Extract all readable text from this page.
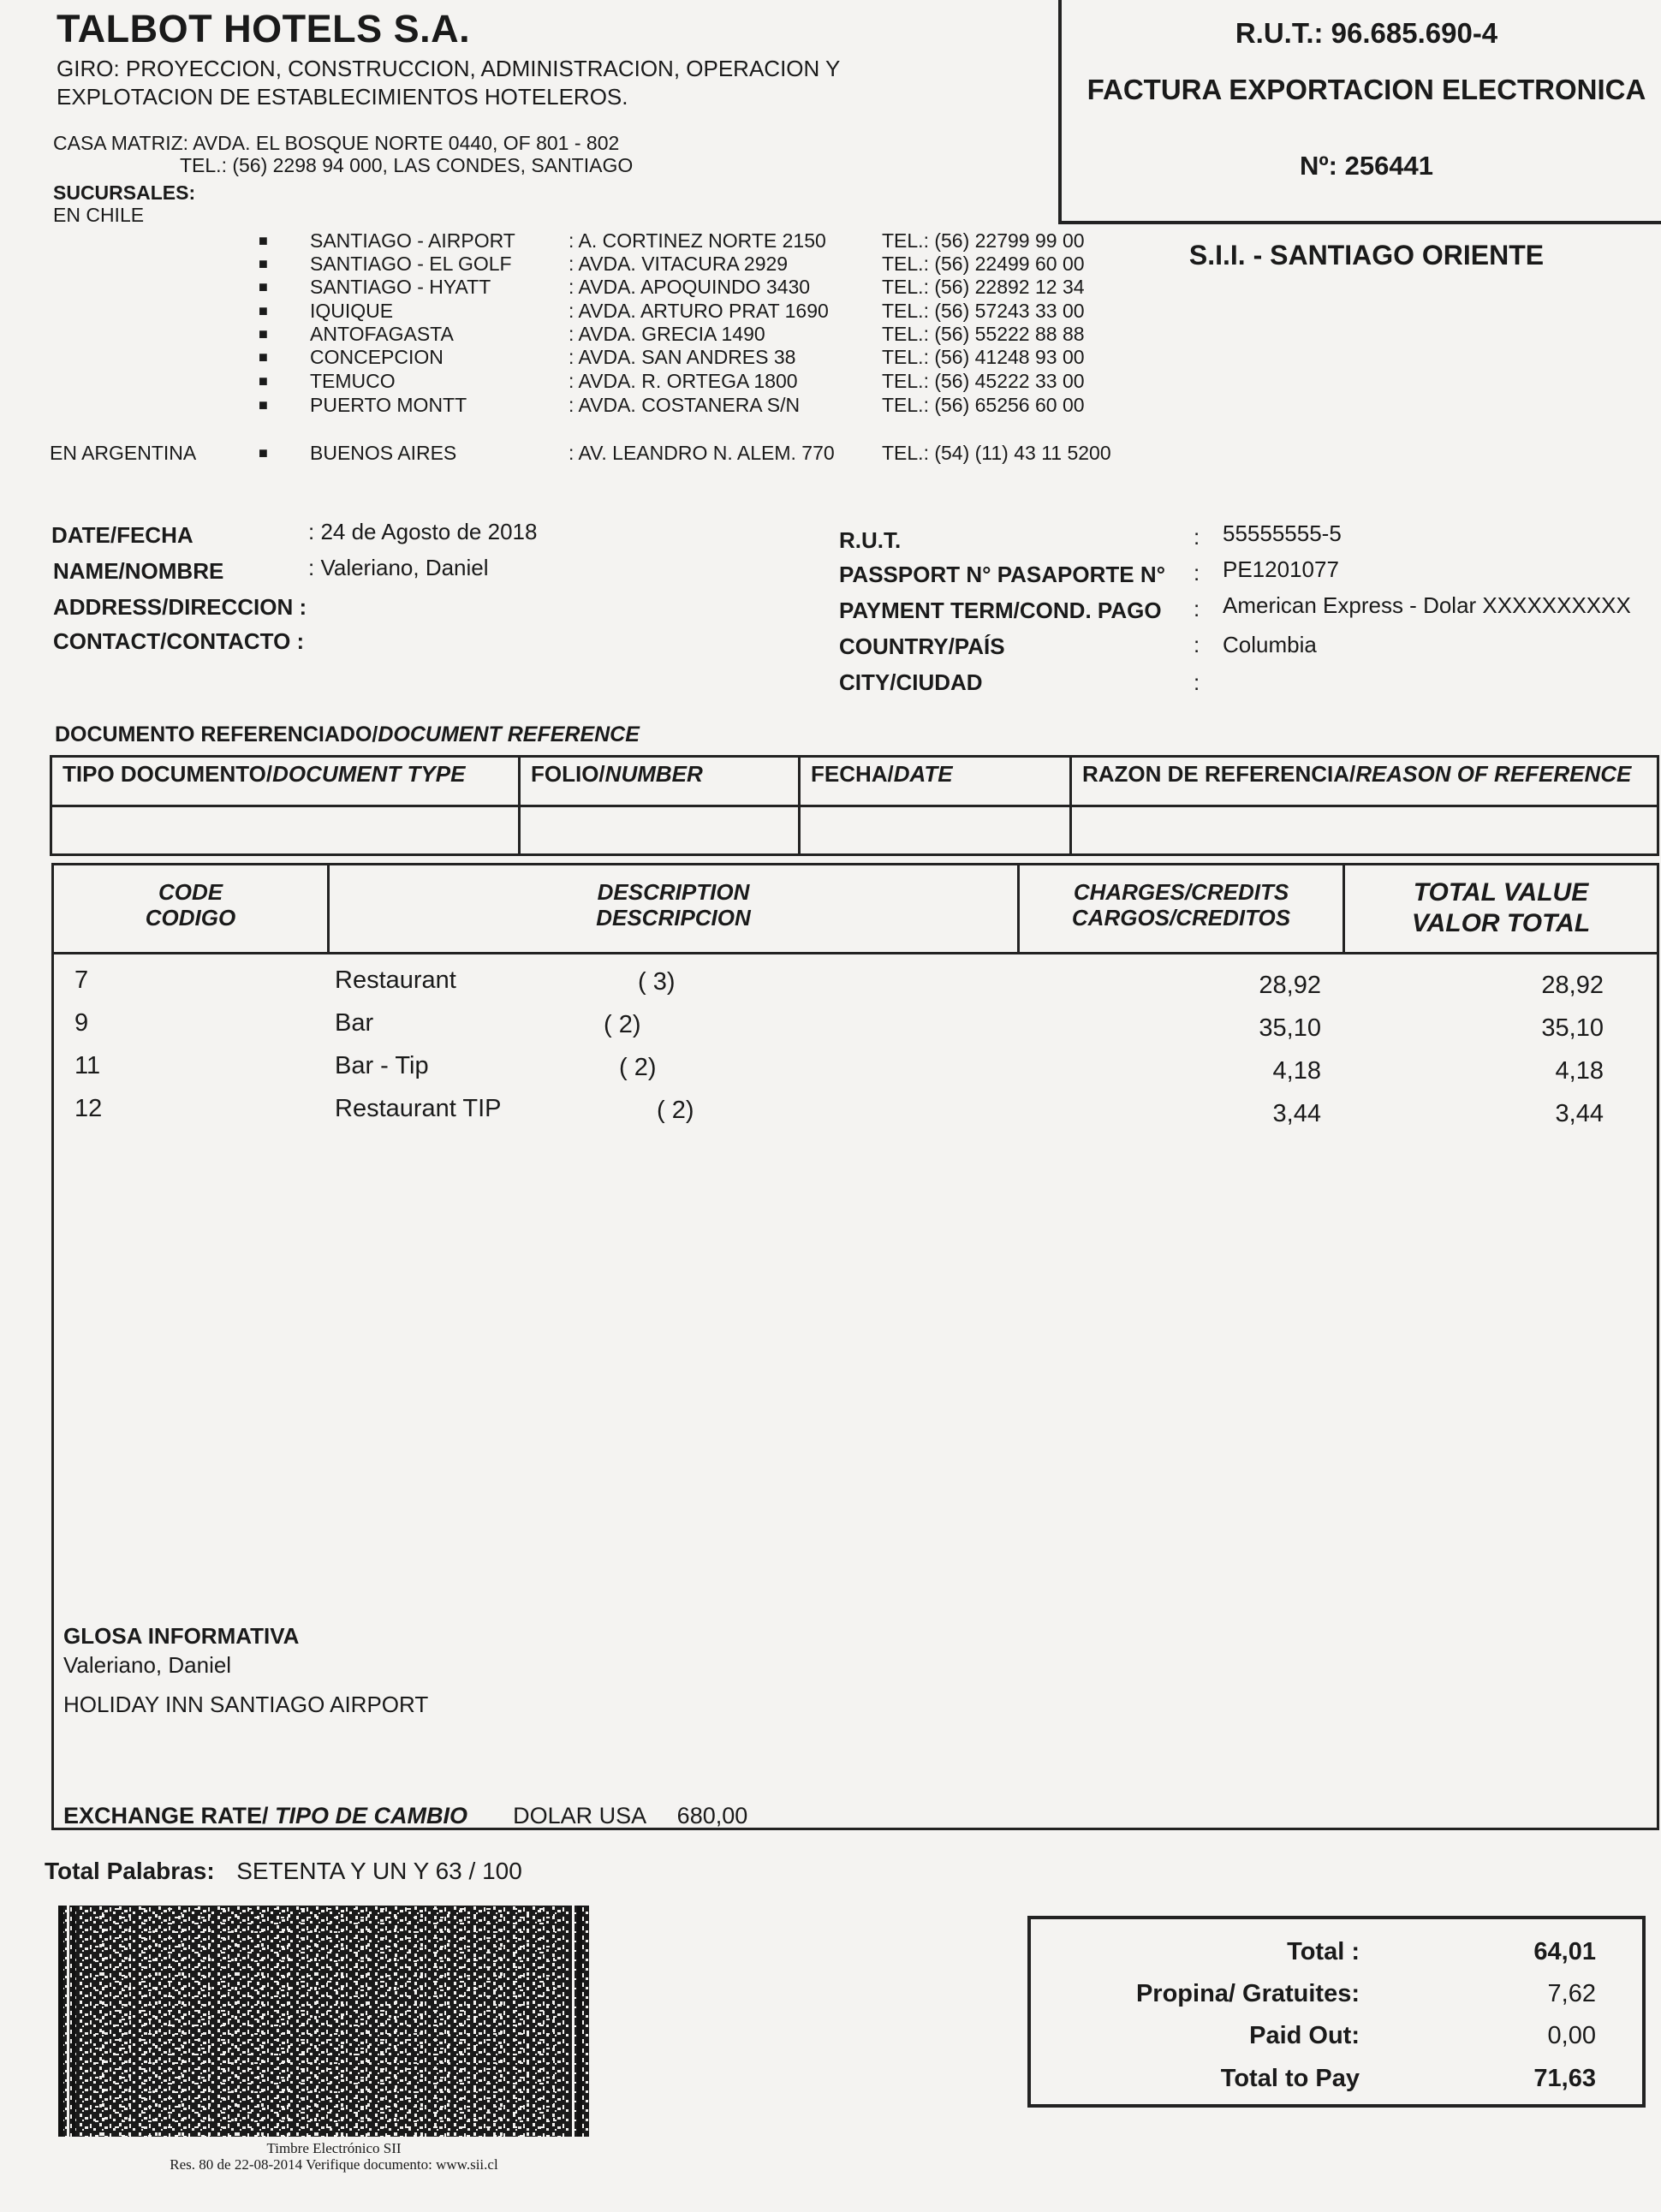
TALBOT HOTELS S.A.
GIRO: PROYECCION, CONSTRUCCION, ADMINISTRACION, OPERACION Y
EXPLOTACION DE ESTABLECIMIENTOS HOTELEROS.
CASA MATRIZ: AVDA. EL BOSQUE NORTE 0440, OF 801 - 802
TEL.: (56) 2298 94 000, LAS CONDES, SANTIAGO
SUCURSALES:
EN CHILE
■ SANTIAGO - AIRPORT	: A. CORTINEZ NORTE 2150	TEL.: (56) 22799 99 00
■ SANTIAGO - EL GOLF	: AVDA. VITACURA 2929	TEL.: (56) 22499 60 00
■ SANTIAGO - HYATT	: AVDA. APOQUINDO 3430	TEL.: (56) 22892 12 34
■ IQUIQUE	: AVDA. ARTURO PRAT 1690	TEL.: (56) 57243 33 00
■ ANTOFAGASTA	: AVDA. GRECIA 1490	TEL.: (56) 55222 88 88
■ CONCEPCION	: AVDA. SAN ANDRES 38	TEL.: (56) 41248 93 00
■ TEMUCO	: AVDA. R. ORTEGA 1800	TEL.: (56) 45222 33 00
■ PUERTO MONTT	: AVDA. COSTANERA S/N	TEL.: (56) 65256 60 00
EN ARGENTINA	■ BUENOS AIRES	: AV. LEANDRO N. ALEM. 770 TEL.: (54) (11) 43 11 5200
R.U.T.: 96.685.690-4
FACTURA EXPORTACION ELECTRONICA
Nº: 256441
S.I.I. - SANTIAGO ORIENTE
DATE/FECHA	: 24 de Agosto de 2018
NAME/NOMBRE	: Valeriano, Daniel
ADDRESS/DIRECCION :
CONTACT/CONTACTO :
R.U.T.	: 55555555-5
PASSPORT N° PASAPORTE N° : PE1201077
PAYMENT TERM/COND. PAGO : American Express - Dolar XXXXXXXXXX
COUNTRY/PAÍS	: Columbia
CITY/CIUDAD	:
DOCUMENTO REFERENCIADO/DOCUMENT REFERENCE
TIPO DOCUMENTO/DOCUMENT TYPE	FOLIO/NUMBER	FECHA/DATE	RAZON DE REFERENCIA/REASON OF REFERENCE

CODE
CODIGO
DESCRIPTION
DESCRIPCION
CHARGES/CREDITS
CARGOS/CREDITOS
TOTAL VALUE
VALOR TOTAL
7	Restaurant	( 3)	28,92	28,92
9	Bar	( 2)	35,10	35,10
11	Bar - Tip	( 2)	4,18	4,18
12	Restaurant TIP	( 2)	3,44	3,44
GLOSA INFORMATIVA
Valeriano, Daniel
HOLIDAY INN SANTIAGO AIRPORT
EXCHANGE RATE/ TIPO DE CAMBIO DOLAR USA 680,00
Total Palabras: SETENTA Y UN Y 63 / 100
Timbre Electrónico SII
Res. 80 de 22-08-2014 Verifique documento: www.sii.cl
Total :	64,01
Propina/ Gratuites:	7,62
Paid Out:	0,00
Total to Pay	71,63
